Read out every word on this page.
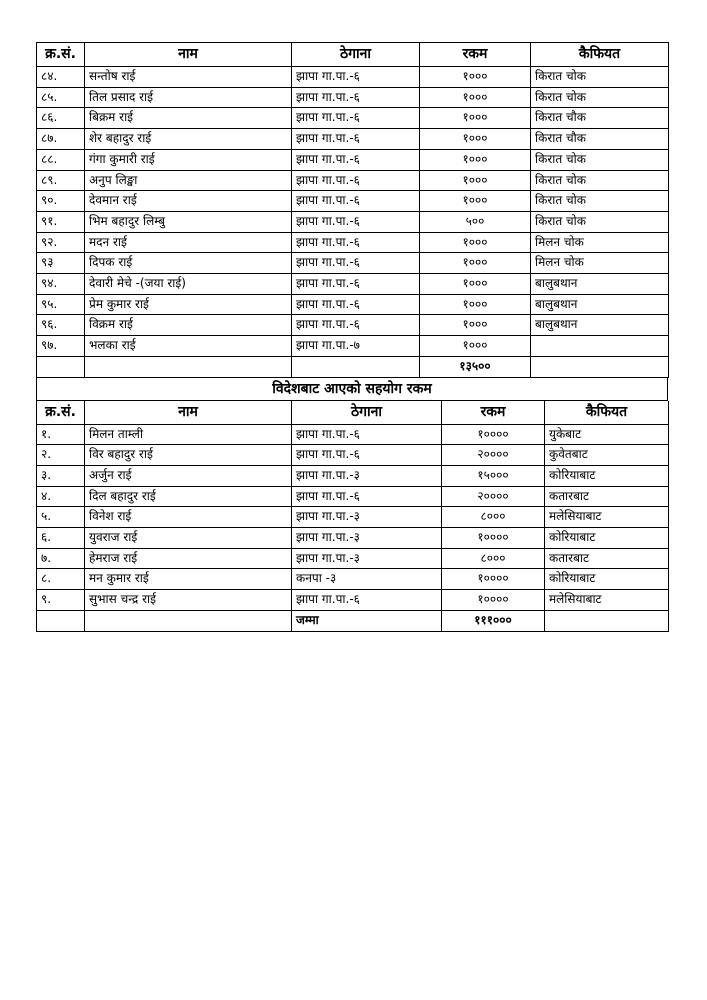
क्र.सं.	नाम	ठेगाना	रकम	कैफियत
८४.	सन्तोष राई	झापा गा.पा.-६	१०००	किरात चोक
८५.	तिल प्रसाद राई	झापा गा.पा.-६	१०००	किरात चोक
८६.	बिक्रम राई	झापा गा.पा.-६	१०००	किरात चौक
८७.	शेर बहादुर राई	झापा गा.पा.-६	१०००	किरात चौक
८८.	गंगा कुमारी राई	झापा गा.पा.-६	१०००	किरात चोक
८९.	अनुप लिङ्खा	झापा गा.पा.-६	१०००	किरात चोक
९०.	देवमान राई	झापा गा.पा.-६	१०००	किरात चोक
९१.	भिम बहादुर लिम्बु	झापा गा.पा.-६	५००	किरात चोक
९२.	मदन राई	झापा गा.पा.-६	१०००	मिलन चोक
९३	दिपक राई	झापा गा.पा.-६	१०००	मिलन चोक
९४.	देवारी मेचे -(जया राई)	झापा गा.पा.-६	१०००	बालुबथान
९५.	प्रेम कुमार राई	झापा गा.पा.-६	१०००	बालुबथान
९६.	विक्रम राई	झापा गा.पा.-६	१०००	बालुबथान
९७.	भलका राई	झापा गा.पा.-७	१०००	
			१३५००	
विदेशबाट आएको सहयोग रकम
क्र.सं.	नाम	ठेगाना	रकम	कैफियत
१.	मिलन ताम्ली	झापा गा.पा.-६	१००००	युकेबाट
२.	विर बहादुर राई	झापा गा.पा.-६	२००००	कुवेतबाट
३.	अर्जुन राई	झापा गा.पा.-३	१५०००	कोरियाबाट
४.	दिल बहादुर राई	झापा गा.पा.-६	२००००	कतारबाट
५.	विनेश राई	झापा गा.पा.-३	८०००	मलेसियाबाट
६.	युवराज राई	झापा गा.पा.-३	१००००	कोरियाबाट
७.	हेमराज राई	झापा गा.पा.-३	८०००	कतारबाट
८.	मन कुमार राई	कनपा -३	१००००	कोरियाबाट
९.	सुभास चन्द्र राई	झापा गा.पा.-६	१००००	मलेसियाबाट
		जम्मा	१११०००	
